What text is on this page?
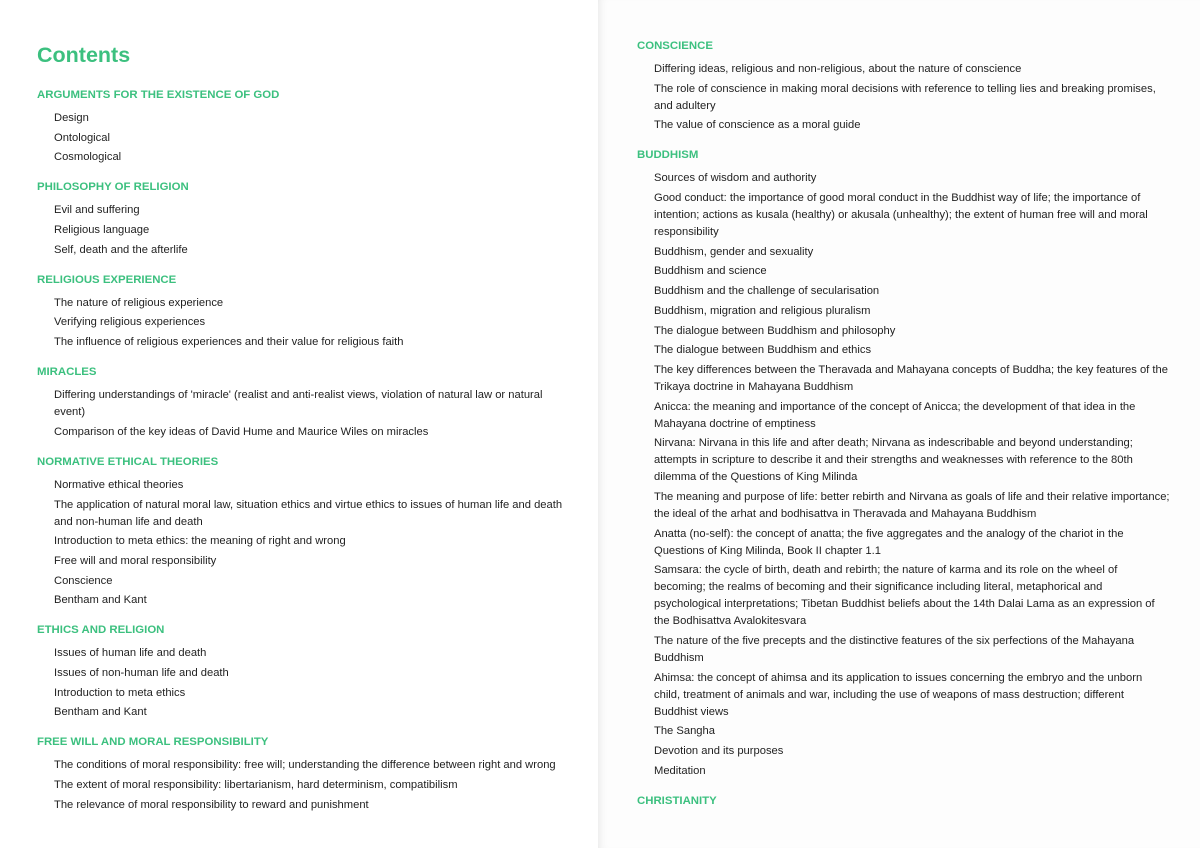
Contents
ARGUMENTS FOR THE EXISTENCE OF GOD
Design
Ontological
Cosmological
PHILOSOPHY OF RELIGION
Evil and suffering
Religious language
Self, death and the afterlife
RELIGIOUS EXPERIENCE
The nature of religious experience
Verifying religious experiences
The influence of religious experiences and their value for religious faith
MIRACLES
Differing understandings of 'miracle' (realist and anti-realist views, violation of natural law or natural event)
Comparison of the key ideas of David Hume and Maurice Wiles on miracles
NORMATIVE ETHICAL THEORIES
Normative ethical theories
The application of natural moral law, situation ethics and virtue ethics to issues of human life and death and non-human life and death
Introduction to meta ethics: the meaning of right and wrong
Free will and moral responsibility
Conscience
Bentham and Kant
ETHICS AND RELIGION
Issues of human life and death
Issues of non-human life and death
Introduction to meta ethics
Bentham and Kant
FREE WILL AND MORAL RESPONSIBILITY
The conditions of moral responsibility: free will; understanding the difference between right and wrong
The extent of moral responsibility: libertarianism, hard determinism, compatibilism
The relevance of moral responsibility to reward and punishment
CONSCIENCE
Differing ideas, religious and non-religious, about the nature of conscience
The role of conscience in making moral decisions with reference to telling lies and breaking promises, and adultery
The value of conscience as a moral guide
BUDDHISM
Sources of wisdom and authority
Good conduct: the importance of good moral conduct in the Buddhist way of life; the importance of intention; actions as kusala (healthy) or akusala (unhealthy); the extent of human free will and moral responsibility
Buddhism, gender and sexuality
Buddhism and science
Buddhism and the challenge of secularisation
Buddhism, migration and religious pluralism
The dialogue between Buddhism and philosophy
The dialogue between Buddhism and ethics
The key differences between the Theravada and Mahayana concepts of Buddha; the key features of the Trikaya doctrine in Mahayana Buddhism
Anicca: the meaning and importance of the concept of Anicca; the development of that idea in the Mahayana doctrine of emptiness
Nirvana: Nirvana in this life and after death; Nirvana as indescribable and beyond understanding; attempts in scripture to describe it and their strengths and weaknesses with reference to the 80th dilemma of the Questions of King Milinda
The meaning and purpose of life: better rebirth and Nirvana as goals of life and their relative importance; the ideal of the arhat and bodhisattva in Theravada and Mahayana Buddhism
Anatta (no-self): the concept of anatta; the five aggregates and the analogy of the chariot in the Questions of King Milinda, Book II chapter 1.1
Samsara: the cycle of birth, death and rebirth; the nature of karma and its role on the wheel of becoming; the realms of becoming and their significance including literal, metaphorical and psychological interpretations; Tibetan Buddhist beliefs about the 14th Dalai Lama as an expression of the Bodhisattva Avalokitesvara
The nature of the five precepts and the distinctive features of the six perfections of the Mahayana Buddhism
Ahimsa: the concept of ahimsa and its application to issues concerning the embryo and the unborn child, treatment of animals and war, including the use of weapons of mass destruction; different Buddhist views
The Sangha
Devotion and its purposes
Meditation
CHRISTIANITY
